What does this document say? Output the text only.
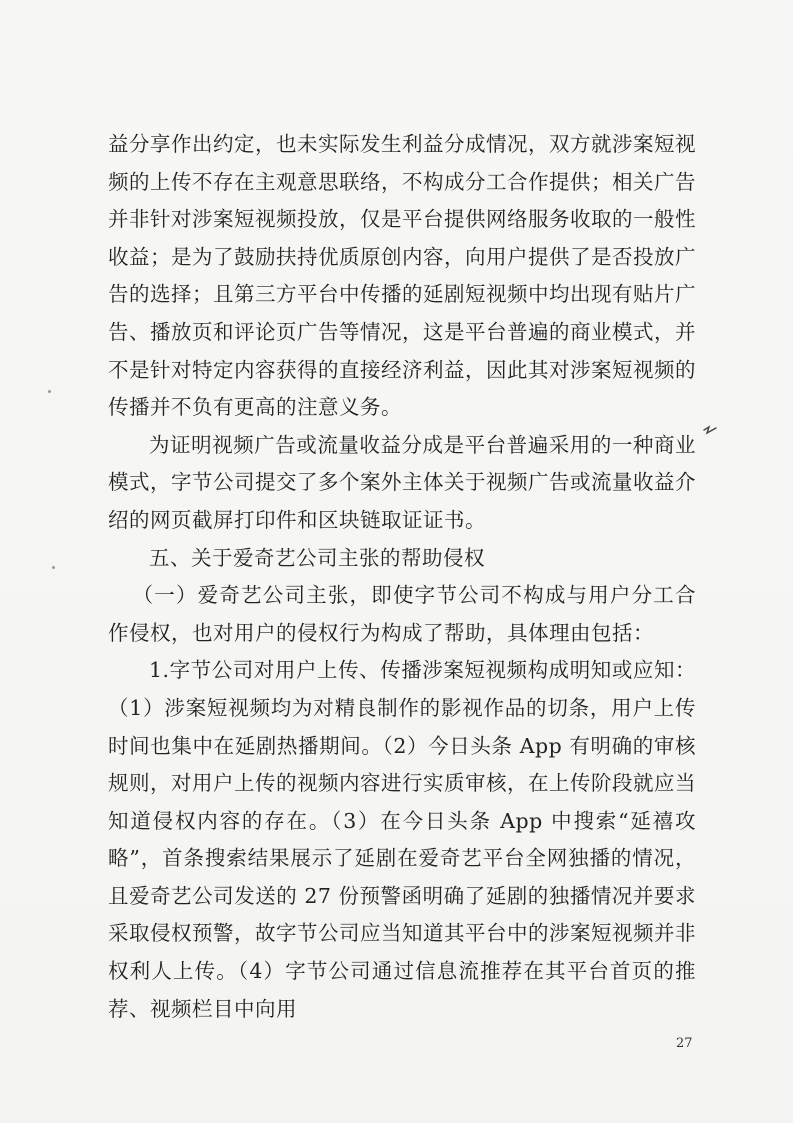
益分享作出约定，也未实际发生利益分成情况，双方就涉案短视频的上传不存在主观意思联络，不构成分工合作提供；相关广告并非针对涉案短视频投放，仅是平台提供网络服务收取的一般性收益；是为了鼓励扶持优质原创内容，向用户提供了是否投放广告的选择；且第三方平台中传播的延剧短视频中均出现有贴片广告、播放页和评论页广告等情况，这是平台普遍的商业模式，并不是针对特定内容获得的直接经济利益，因此其对涉案短视频的传播并不负有更高的注意义务。

为证明视频广告或流量收益分成是平台普遍采用的一种商业模式，字节公司提交了多个案外主体关于视频广告或流量收益介绍的网页截屏打印件和区块链取证证书。

五、关于爱奇艺公司主张的帮助侵权

（一）爱奇艺公司主张，即使字节公司不构成与用户分工合作侵权，也对用户的侵权行为构成了帮助，具体理由包括：

1.字节公司对用户上传、传播涉案短视频构成明知或应知：（1）涉案短视频均为对精良制作的影视作品的切条，用户上传时间也集中在延剧热播期间。（2）今日头条 App 有明确的审核规则，对用户上传的视频内容进行实质审核，在上传阶段就应当知道侵权内容的存在。（3）在今日头条 App 中搜索“延禧攻略”，首条搜索结果展示了延剧在爱奇艺平台全网独播的情况，且爱奇艺公司发送的 27 份预警函明确了延剧的独播情况并要求采取侵权预警，故字节公司应当知道其平台中的涉案短视频并非权利人上传。（4）字节公司通过信息流推荐在其平台首页的推荐、视频栏目中向用

27
